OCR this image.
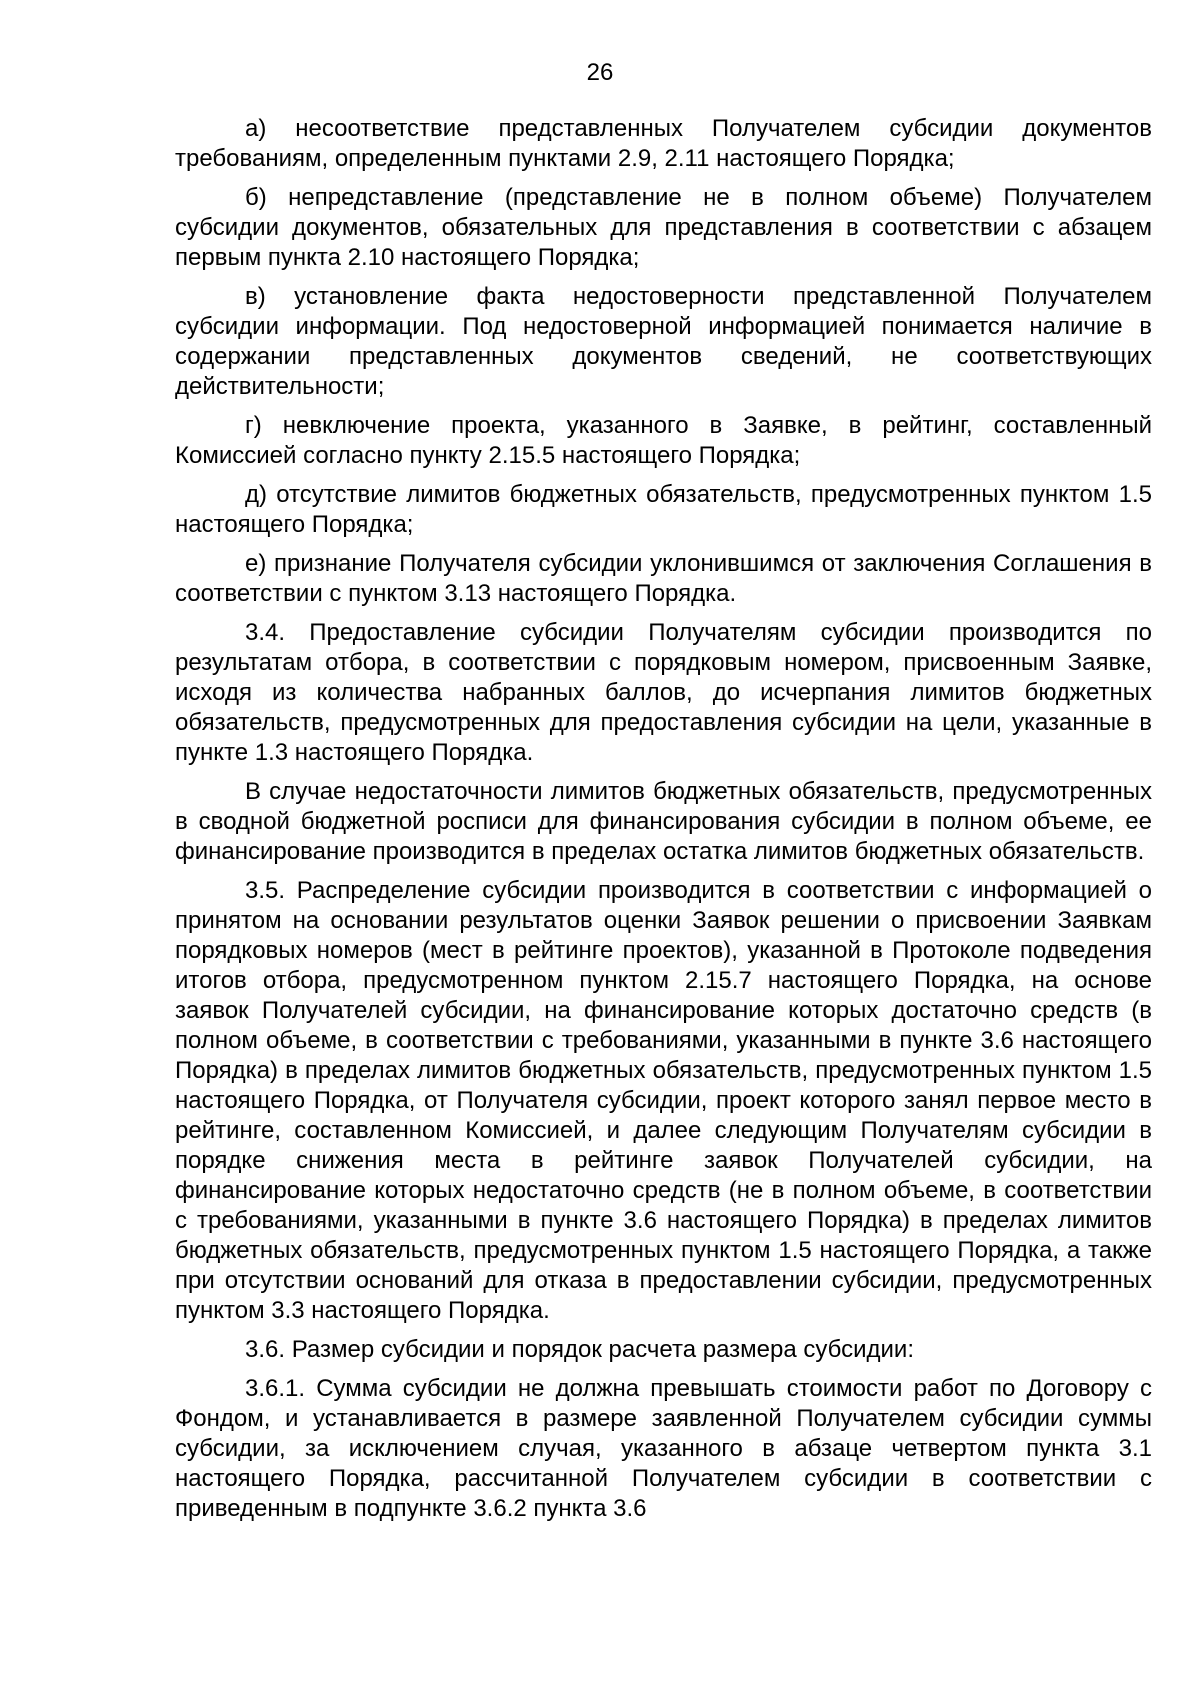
26

а) несоответствие представленных Получателем субсидии документов требованиям, определенным пунктами 2.9, 2.11 настоящего Порядка;

б) непредставление (представление не в полном объеме) Получателем субсидии документов, обязательных для представления в соответствии с абзацем первым пункта 2.10 настоящего Порядка;

в) установление факта недостоверности представленной Получателем субсидии информации. Под недостоверной информацией понимается наличие в содержании представленных документов сведений, не соответствующих действительности;

г) невключение проекта, указанного в Заявке, в рейтинг, составленный Комиссией согласно пункту 2.15.5 настоящего Порядка;

д) отсутствие лимитов бюджетных обязательств, предусмотренных пунктом 1.5 настоящего Порядка;

е) признание Получателя субсидии уклонившимся от заключения Соглашения в соответствии с пунктом 3.13 настоящего Порядка.

3.4. Предоставление субсидии Получателям субсидии производится по результатам отбора, в соответствии с порядковым номером, присвоенным Заявке, исходя из количества набранных баллов, до исчерпания лимитов бюджетных обязательств, предусмотренных для предоставления субсидии на цели, указанные в пункте 1.3 настоящего Порядка.

В случае недостаточности лимитов бюджетных обязательств, предусмотренных в сводной бюджетной росписи для финансирования субсидии в полном объеме, ее финансирование производится в пределах остатка лимитов бюджетных обязательств.

3.5. Распределение субсидии производится в соответствии с информацией о принятом на основании результатов оценки Заявок решении о присвоении Заявкам порядковых номеров (мест в рейтинге проектов), указанной в Протоколе подведения итогов отбора, предусмотренном пунктом 2.15.7 настоящего Порядка, на основе заявок Получателей субсидии, на финансирование которых достаточно средств (в полном объеме, в соответствии с требованиями, указанными в пункте 3.6 настоящего Порядка) в пределах лимитов бюджетных обязательств, предусмотренных пунктом 1.5 настоящего Порядка, от Получателя субсидии, проект которого занял первое место в рейтинге, составленном Комиссией, и далее следующим Получателям субсидии в порядке снижения места в рейтинге заявок Получателей субсидии, на финансирование которых недостаточно средств (не в полном объеме, в соответствии с требованиями, указанными в пункте 3.6 настоящего Порядка) в пределах лимитов бюджетных обязательств, предусмотренных пунктом 1.5 настоящего Порядка, а также при отсутствии оснований для отказа в предоставлении субсидии, предусмотренных пунктом 3.3 настоящего Порядка.

3.6. Размер субсидии и порядок расчета размера субсидии:

3.6.1. Сумма субсидии не должна превышать стоимости работ по Договору с Фондом, и устанавливается в размере заявленной Получателем субсидии суммы субсидии, за исключением случая, указанного в абзаце четвертом пункта 3.1 настоящего Порядка, рассчитанной Получателем субсидии в соответствии с приведенным в подпункте 3.6.2 пункта 3.6
